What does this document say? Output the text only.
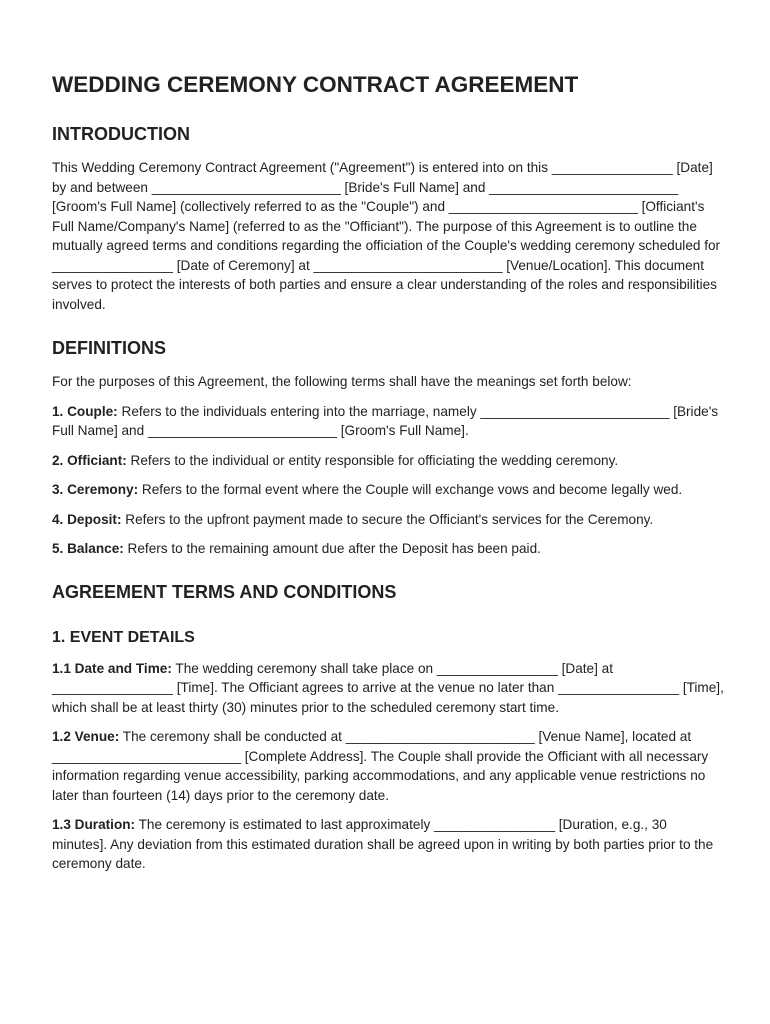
WEDDING CEREMONY CONTRACT AGREEMENT
INTRODUCTION

This Wedding Ceremony Contract Agreement ("Agreement") is entered into on this ________________ [Date] by and between _________________________ [Bride's Full Name] and _________________________ [Groom's Full Name] (collectively referred to as the "Couple") and _________________________ [Officiant's Full Name/Company's Name] (referred to as the "Officiant"). The purpose of this Agreement is to outline the mutually agreed terms and conditions regarding the officiation of the Couple's wedding ceremony scheduled for ________________ [Date of Ceremony] at _________________________ [Venue/Location]. This document serves to protect the interests of both parties and ensure a clear understanding of the roles and responsibilities involved.

DEFINITIONS

For the purposes of this Agreement, the following terms shall have the meanings set forth below:

1. Couple: Refers to the individuals entering into the marriage, namely _________________________ [Bride's Full Name] and _________________________ [Groom's Full Name].

2. Officiant: Refers to the individual or entity responsible for officiating the wedding ceremony.

3. Ceremony: Refers to the formal event where the Couple will exchange vows and become legally wed.

4. Deposit: Refers to the upfront payment made to secure the Officiant's services for the Ceremony.

5. Balance: Refers to the remaining amount due after the Deposit has been paid.

AGREEMENT TERMS AND CONDITIONS
1. EVENT DETAILS

1.1 Date and Time: The wedding ceremony shall take place on ________________ [Date] at ________________ [Time]. The Officiant agrees to arrive at the venue no later than ________________ [Time], which shall be at least thirty (30) minutes prior to the scheduled ceremony start time.

1.2 Venue: The ceremony shall be conducted at _________________________ [Venue Name], located at _________________________ [Complete Address]. The Couple shall provide the Officiant with all necessary information regarding venue accessibility, parking accommodations, and any applicable venue restrictions no later than fourteen (14) days prior to the ceremony date.

1.3 Duration: The ceremony is estimated to last approximately ________________ [Duration, e.g., 30 minutes]. Any deviation from this estimated duration shall be agreed upon in writing by both parties prior to the ceremony date.
